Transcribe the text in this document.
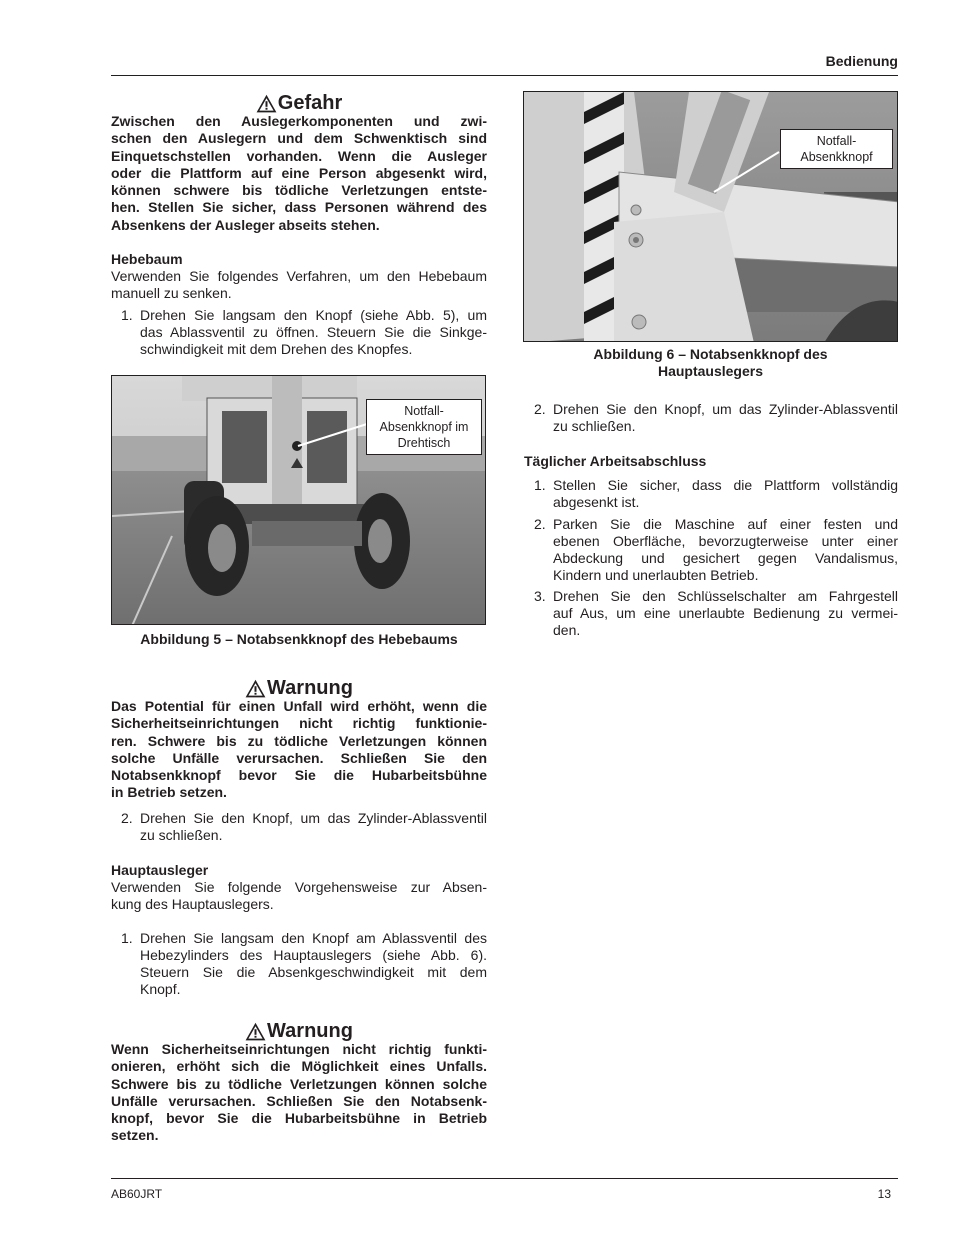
Bedienung
Gefahr
Zwischen den Auslegerkomponenten und zwi-
schen den Auslegern und dem Schwenktisch sind
Einquetschstellen vorhanden. Wenn die Ausleger
oder die Plattform auf eine Person abgesenkt wird,
können schwere bis tödliche Verletzungen entste-
hen. Stellen Sie sicher, dass Personen während des
Absenkens der Ausleger abseits stehen.
Hebebaum
Verwenden Sie folgendes Verfahren, um den Hebebaum
manuell zu senken.
1. Drehen Sie langsam den Knopf (siehe Abb. 5), um
das Ablassventil zu öffnen. Steuern Sie die Sinkge-
schwindigkeit mit dem Drehen des Knopfes.
Notfall-
Absenkknopf im
Drehtisch
Abbildung 5 – Notabsenkknopf des Hebebaums
Warnung
Das Potential für einen Unfall wird erhöht, wenn die
Sicherheitseinrichtungen nicht richtig funktionie-
ren. Schwere bis zu tödliche Verletzungen können
solche Unfälle verursachen. Schließen Sie den
Notabsenkknopf bevor Sie die Hubarbeitsbühne
in Betrieb setzen.
2. Drehen Sie den Knopf, um das Zylinder-Ablassventil
zu schließen.
Hauptausleger
Verwenden Sie folgende Vorgehensweise zur Absen-
kung des Hauptauslegers.
1. Drehen Sie langsam den Knopf am Ablassventil des
Hebezylinders des Hauptauslegers (siehe Abb. 6).
Steuern Sie die Absenkgeschwindigkeit mit dem
Knopf.
Warnung
Wenn Sicherheitseinrichtungen nicht richtig funkti-
onieren, erhöht sich die Möglichkeit eines Unfalls.
Schwere bis zu tödliche Verletzungen können solche
Unfälle verursachen. Schließen Sie den Notabsenk-
knopf, bevor Sie die Hubarbeitsbühne in Betrieb
setzen.
Notfall-
Absenkknopf
Abbildung 6 – Notabsenkknopf des
Hauptauslegers
2. Drehen Sie den Knopf, um das Zylinder-Ablassventil
zu schließen.
Täglicher Arbeitsabschluss
1. Stellen Sie sicher, dass die Plattform vollständig
abgesenkt ist.
2. Parken Sie die Maschine auf einer festen und
ebenen Oberfläche, bevorzugterweise unter einer
Abdeckung und gesichert gegen Vandalismus,
Kindern und unerlaubten Betrieb.
3. Drehen Sie den Schlüsselschalter am Fahrgestell
auf Aus, um eine unerlaubte Bedienung zu vermei-
den.
AB60JRT	13
